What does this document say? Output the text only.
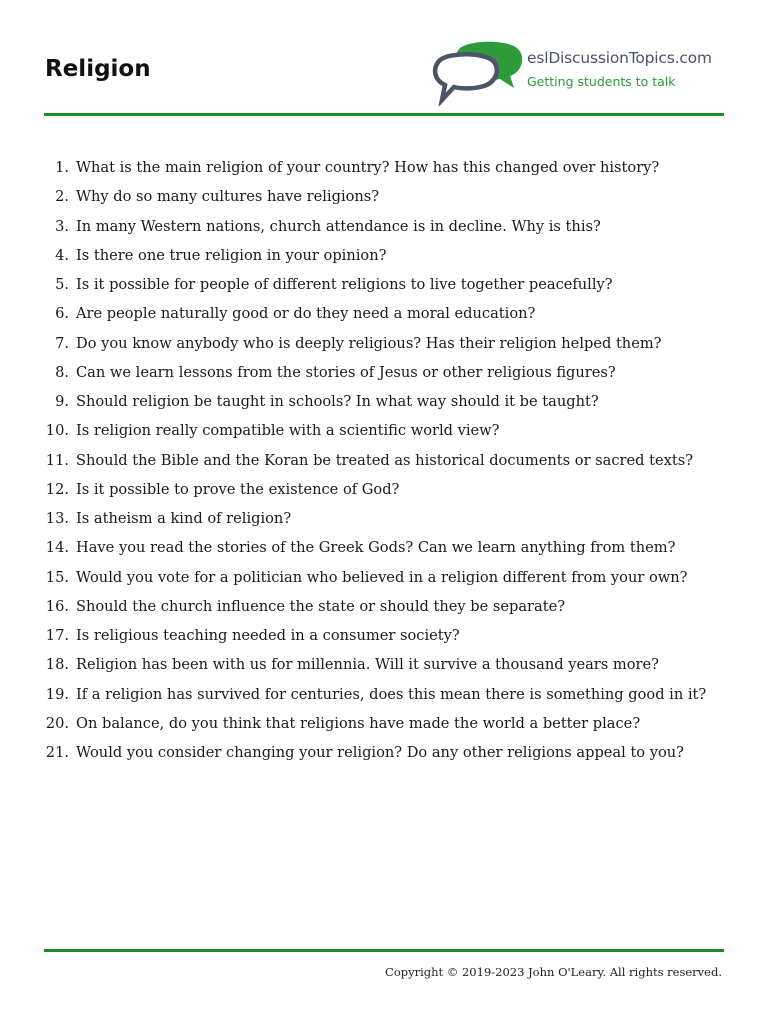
Religion	eslDiscussionTopics.com
Getting students to talk
1. What is the main religion of your country? How has this changed over history?
2. Why do so many cultures have religions?
3. In many Western nations, church attendance is in decline. Why is this?
4. Is there one true religion in your opinion?
5. Is it possible for people of different religions to live together peacefully?
6. Are people naturally good or do they need a moral education?
7. Do you know anybody who is deeply religious? Has their religion helped them?
8. Can we learn lessons from the stories of Jesus or other religious figures?
9. Should religion be taught in schools? In what way should it be taught?
10. Is religion really compatible with a scientific world view?
11. Should the Bible and the Koran be treated as historical documents or sacred texts?
12. Is it possible to prove the existence of God?
13. Is atheism a kind of religion?
14. Have you read the stories of the Greek Gods? Can we learn anything from them?
15. Would you vote for a politician who believed in a religion different from your own?
16. Should the church influence the state or should they be separate?
17. Is religious teaching needed in a consumer society?
18. Religion has been with us for millennia. Will it survive a thousand years more?
19. If a religion has survived for centuries, does this mean there is something good in it?
20. On balance, do you think that religions have made the world a better place?
21. Would you consider changing your religion? Do any other religions appeal to you?
Copyright © 2019-2023 John O'Leary. All rights reserved.
